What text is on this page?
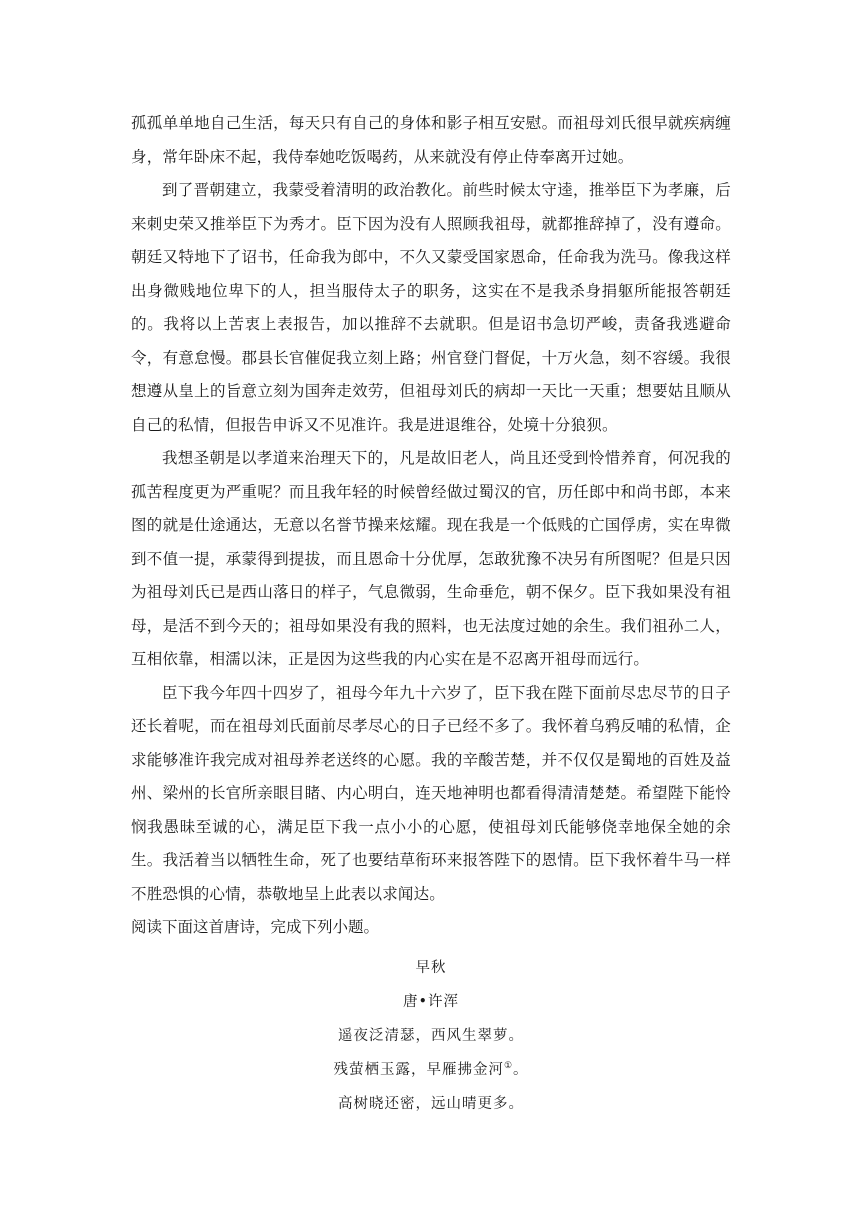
孤孤单单地自己生活，每天只有自己的身体和影子相互安慰。而祖母刘氏很早就疾病缠身，常年卧床不起，我侍奉她吃饭喝药，从来就没有停止侍奉离开过她。

到了晋朝建立，我蒙受着清明的政治教化。前些时候太守逵，推举臣下为孝廉，后来刺史荣又推举臣下为秀才。臣下因为没有人照顾我祖母，就都推辞掉了，没有遵命。朝廷又特地下了诏书，任命我为郎中，不久又蒙受国家恩命，任命我为洗马。像我这样出身微贱地位卑下的人，担当服侍太子的职务，这实在不是我杀身捐躯所能报答朝廷的。我将以上苦衷上表报告，加以推辞不去就职。但是诏书急切严峻，责备我逃避命令，有意怠慢。郡县长官催促我立刻上路；州官登门督促，十万火急，刻不容缓。我很想遵从皇上的旨意立刻为国奔走效劳，但祖母刘氏的病却一天比一天重；想要姑且顺从自己的私情，但报告申诉又不见准许。我是进退维谷，处境十分狼狈。

我想圣朝是以孝道来治理天下的，凡是故旧老人，尚且还受到怜惜养育，何况我的孤苦程度更为严重呢？而且我年轻的时候曾经做过蜀汉的官，历任郎中和尚书郎，本来图的就是仕途通达，无意以名誉节操来炫耀。现在我是一个低贱的亡国俘虏，实在卑微到不值一提，承蒙得到提拔，而且恩命十分优厚，怎敢犹豫不决另有所图呢？但是只因为祖母刘氏已是西山落日的样子，气息微弱，生命垂危，朝不保夕。臣下我如果没有祖母，是活不到今天的；祖母如果没有我的照料，也无法度过她的余生。我们祖孙二人，互相依靠，相濡以沫，正是因为这些我的内心实在是不忍离开祖母而远行。

臣下我今年四十四岁了，祖母今年九十六岁了，臣下我在陛下面前尽忠尽节的日子还长着呢，而在祖母刘氏面前尽孝尽心的日子已经不多了。我怀着乌鸦反哺的私情，企求能够准许我完成对祖母养老送终的心愿。我的辛酸苦楚，并不仅仅是蜀地的百姓及益州、梁州的长官所亲眼目睹、内心明白，连天地神明也都看得清清楚楚。希望陛下能怜悯我愚昧至诚的心，满足臣下我一点小小的心愿，使祖母刘氏能够侥幸地保全她的余生。我活着当以牺牲生命，死了也要结草衔环来报答陛下的恩情。臣下我怀着牛马一样不胜恐惧的心情，恭敬地呈上此表以求闻达。

阅读下面这首唐诗，完成下列小题。

早秋
唐•许浑
遥夜泛清瑟，西风生翠萝。
残萤栖玉露，早雁拂金河①。
高树晓还密，远山晴更多。
